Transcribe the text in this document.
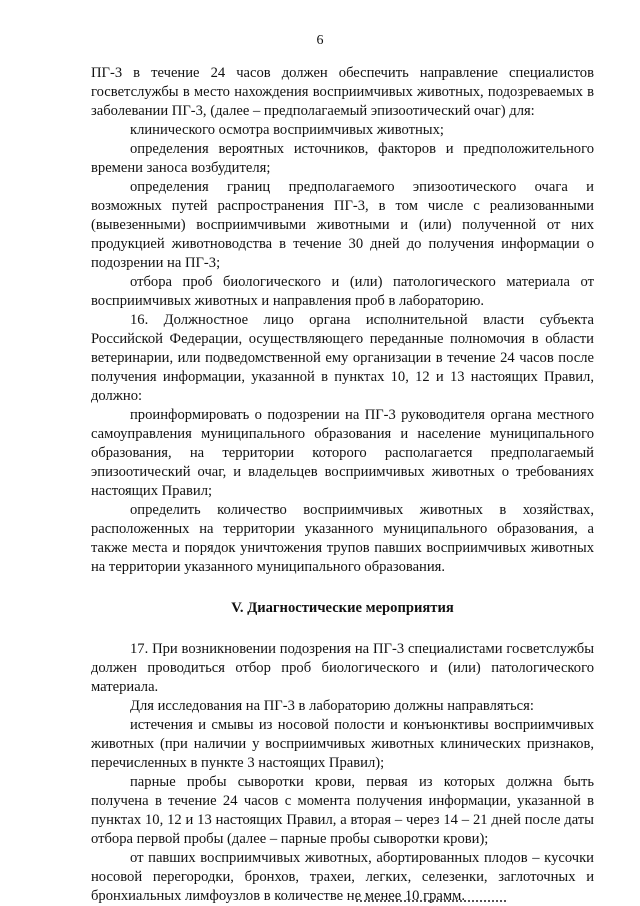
6

ПГ-3 в течение 24 часов должен обеспечить направление специалистов госветслужбы в место нахождения восприимчивых животных, подозреваемых в заболевании ПГ-3, (далее – предполагаемый эпизоотический очаг) для:

клинического осмотра восприимчивых животных;

определения вероятных источников, факторов и предположительного времени заноса возбудителя;

определения границ предполагаемого эпизоотического очага и возможных путей распространения ПГ-3, в том числе с реализованными (вывезенными) восприимчивыми животными и (или) полученной от них продукцией животноводства в течение 30 дней до получения информации о подозрении на ПГ-3;

отбора проб биологического и (или) патологического материала от восприимчивых животных и направления проб в лабораторию.

16. Должностное лицо органа исполнительной власти субъекта Российской Федерации, осуществляющего переданные полномочия в области ветеринарии, или подведомственной ему организации в течение 24 часов после получения информации, указанной в пунктах 10, 12 и 13 настоящих Правил, должно:

проинформировать о подозрении на ПГ-3 руководителя органа местного самоуправления муниципального образования и население муниципального образования, на территории которого располагается предполагаемый эпизоотический очаг, и владельцев восприимчивых животных о требованиях настоящих Правил;

определить количество восприимчивых животных в хозяйствах, расположенных на территории указанного муниципального образования, а также места и порядок уничтожения трупов павших восприимчивых животных на территории указанного муниципального образования.

V. Диагностические мероприятия

17. При возникновении подозрения на ПГ-3 специалистами госветслужбы должен проводиться отбор проб биологического и (или) патологического материала.

Для исследования на ПГ-3 в лабораторию должны направляться:

истечения и смывы из носовой полости и конъюнктивы восприимчивых животных (при наличии у восприимчивых животных клинических признаков, перечисленных в пункте 3 настоящих Правил);

парные пробы сыворотки крови, первая из которых должна быть получена в течение 24 часов с момента получения информации, указанной в пунктах 10, 12 и 13 настоящих Правил, а вторая – через 14 – 21 дней после даты отбора первой пробы (далее – парные пробы сыворотки крови);

от павших восприимчивых животных, абортированных плодов – кусочки носовой перегородки, бронхов, трахеи, легких, селезенки, заглоточных и бронхиальных лимфоузлов в количестве не менее 10 грамм.
